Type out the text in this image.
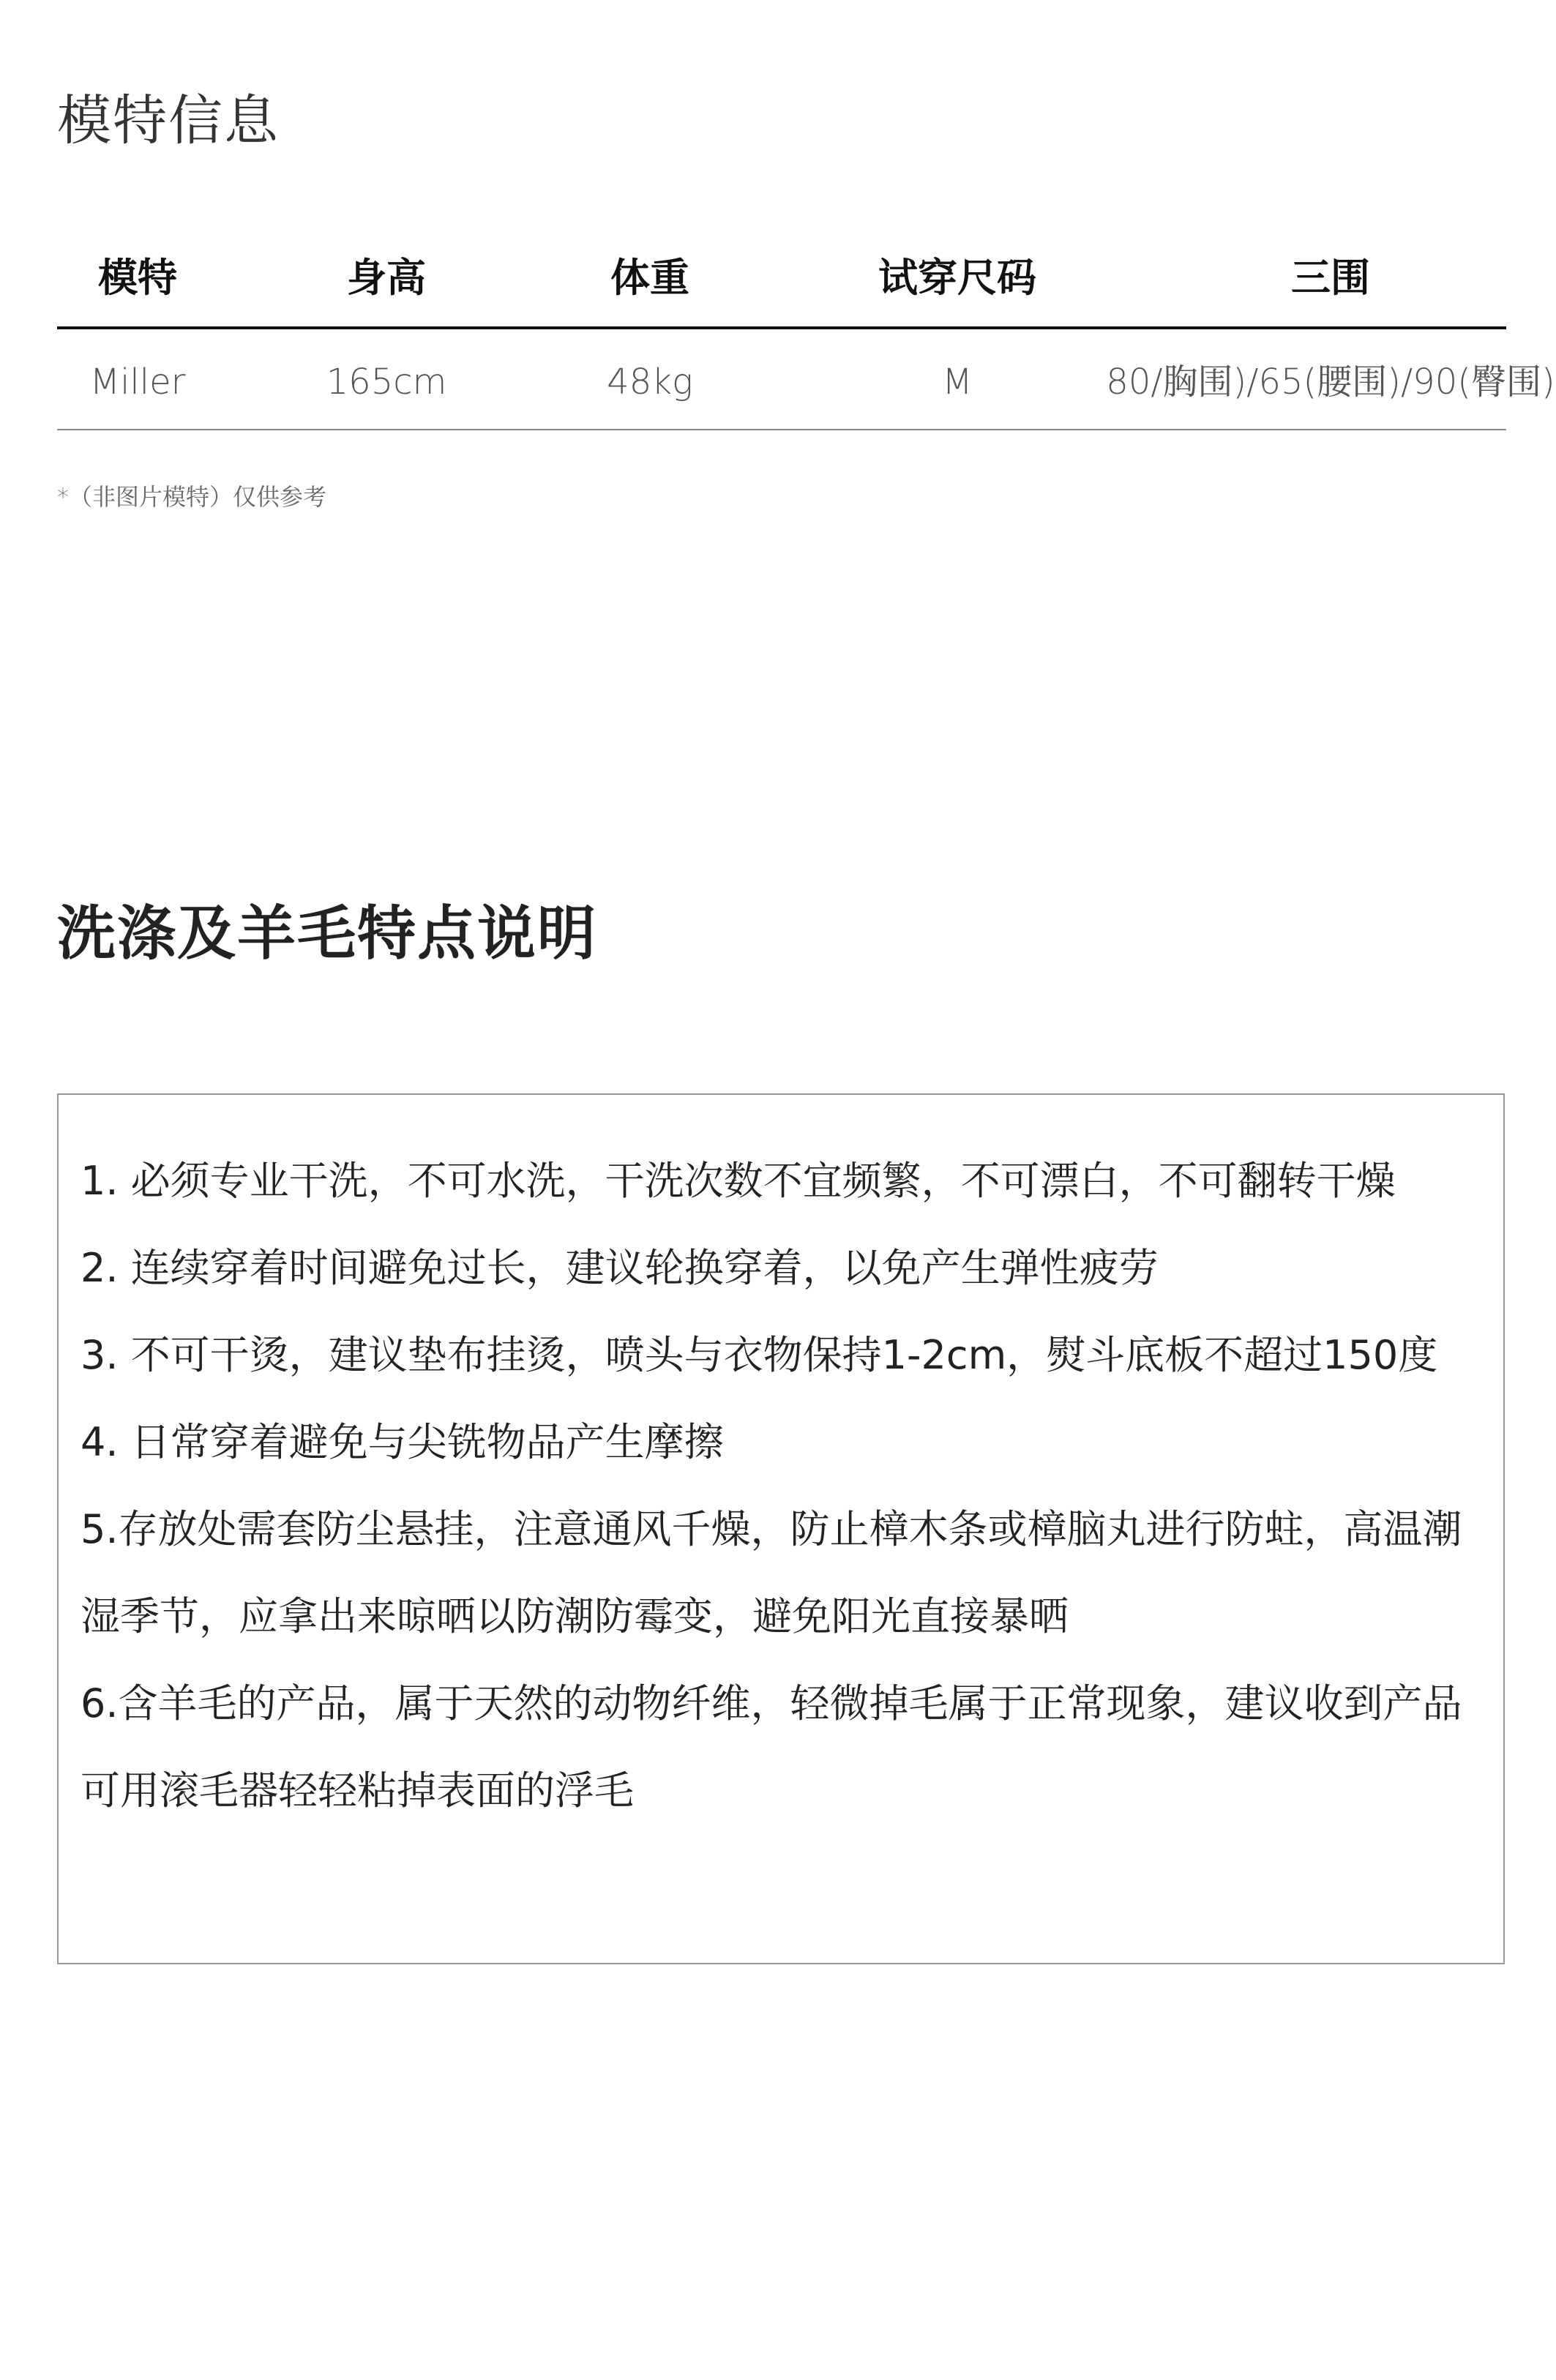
模特信息
模特	身高	体重	试穿尺码	三围
Miller	165cm	48kg	M	80/胸围)/65(腰围)/90(臀围)
*（非图片模特）仅供参考
洗涤及羊毛特点说明
1. 必须专业干洗，不可水洗，干洗次数不宜频繁，不可漂白，不可翻转干燥
2. 连续穿着时间避免过长，建议轮换穿着，以免产生弹性疲劳
3. 不可干烫，建议垫布挂烫，喷头与衣物保持1-2cm，熨斗底板不超过150度
4. 日常穿着避免与尖铣物品产生摩擦
5.存放处需套防尘悬挂，注意通风千燥，防止樟木条或樟脑丸进行防蛀，高温潮湿季节，应拿出来晾晒以防潮防霉变，避免阳光直接暴晒
6.含羊毛的产品，属于天然的动物纤维，轻微掉毛属于正常现象，建议收到产品可用滚毛器轻轻粘掉表面的浮毛
